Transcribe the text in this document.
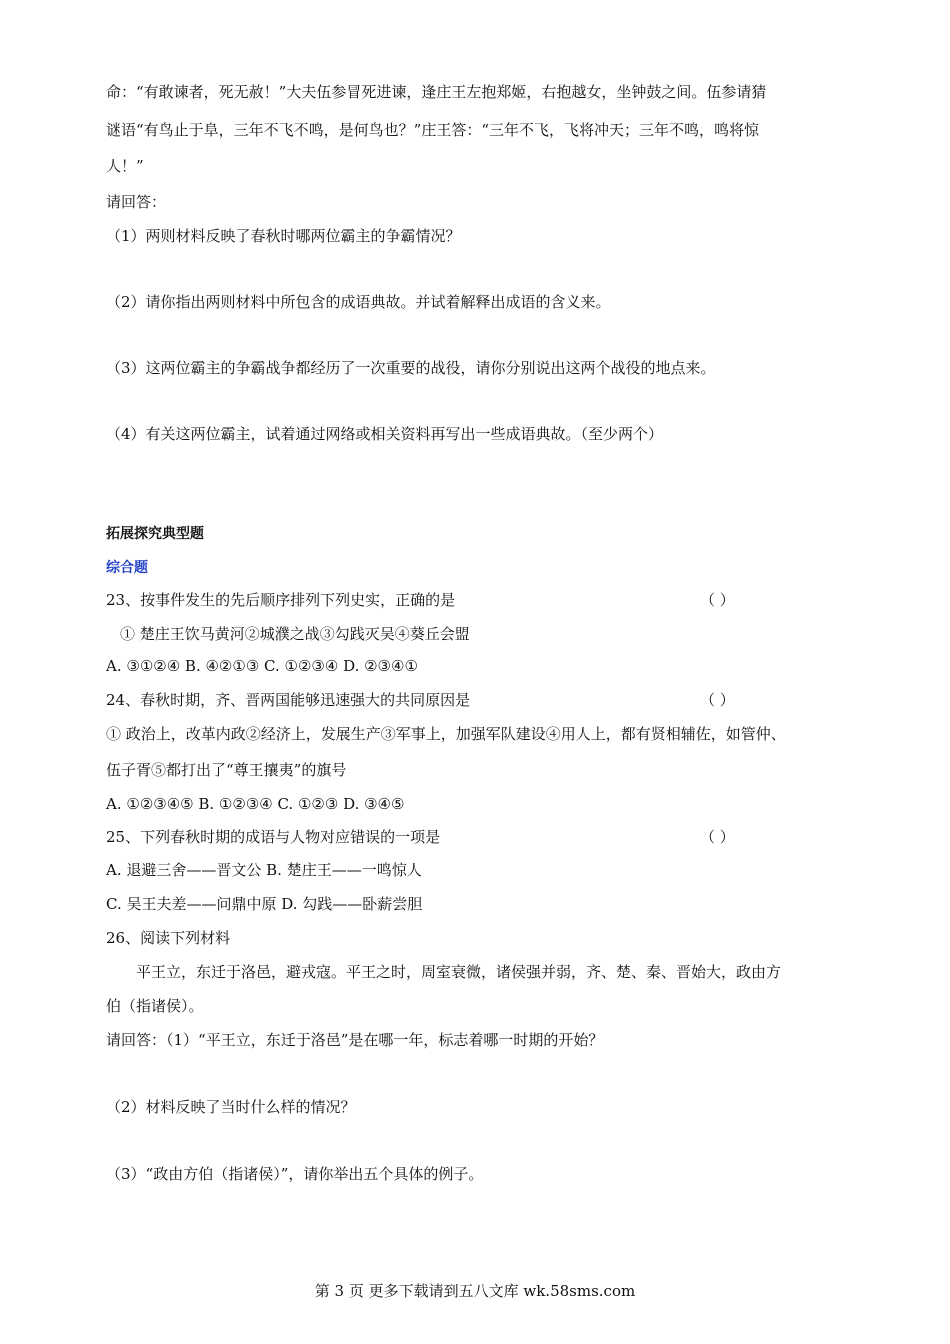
命：“有敢谏者，死无赦！”大夫伍参冒死进谏，逢庄王左抱郑姬，右抱越女，坐钟鼓之间。伍参请猜
谜语“有鸟止于阜，三年不飞不鸣，是何鸟也？”庄王答：“三年不飞，飞将冲天；三年不鸣，鸣将惊
人！”
请回答：
（1）两则材料反映了春秋时哪两位霸主的争霸情况？
（2）请你指出两则材料中所包含的成语典故。并试着解释出成语的含义来。
（3）这两位霸主的争霸战争都经历了一次重要的战役，请你分别说出这两个战役的地点来。
（4）有关这两位霸主，试着通过网络或相关资料再写出一些成语典故。（至少两个）
拓展探究典型题
综合题
23、按事件发生的先后顺序排列下列史实，正确的是	（ ）
① 楚庄王饮马黄河②城濮之战③勾践灭吴④葵丘会盟
A. ③①②④ B. ④②①③ C. ①②③④ D. ②③④①
24、春秋时期，齐、晋两国能够迅速强大的共同原因是	（ ）
① 政治上，改革内政②经济上，发展生产③军事上，加强军队建设④用人上，都有贤相辅佐，如管仲、
伍子胥⑤都打出了“尊王攘夷”的旗号
A. ①②③④⑤ B. ①②③④ C. ①②③ D. ③④⑤
25、下列春秋时期的成语与人物对应错误的一项是	（ ）
A. 退避三舍——晋文公 B. 楚庄王——一鸣惊人
C. 吴王夫差——问鼎中原 D. 勾践——卧薪尝胆
26、阅读下列材料
平王立，东迁于洛邑，避戎寇。平王之时，周室衰微，诸侯强并弱，齐、楚、秦、晋始大，政由方
伯（指诸侯）。
请回答：（1）“平王立，东迁于洛邑”是在哪一年，标志着哪一时期的开始？
（2）材料反映了当时什么样的情况？
（3）“政由方伯（指诸侯）”，请你举出五个具体的例子。
第 3 页 更多下载请到五八文库 wk.58sms.com
